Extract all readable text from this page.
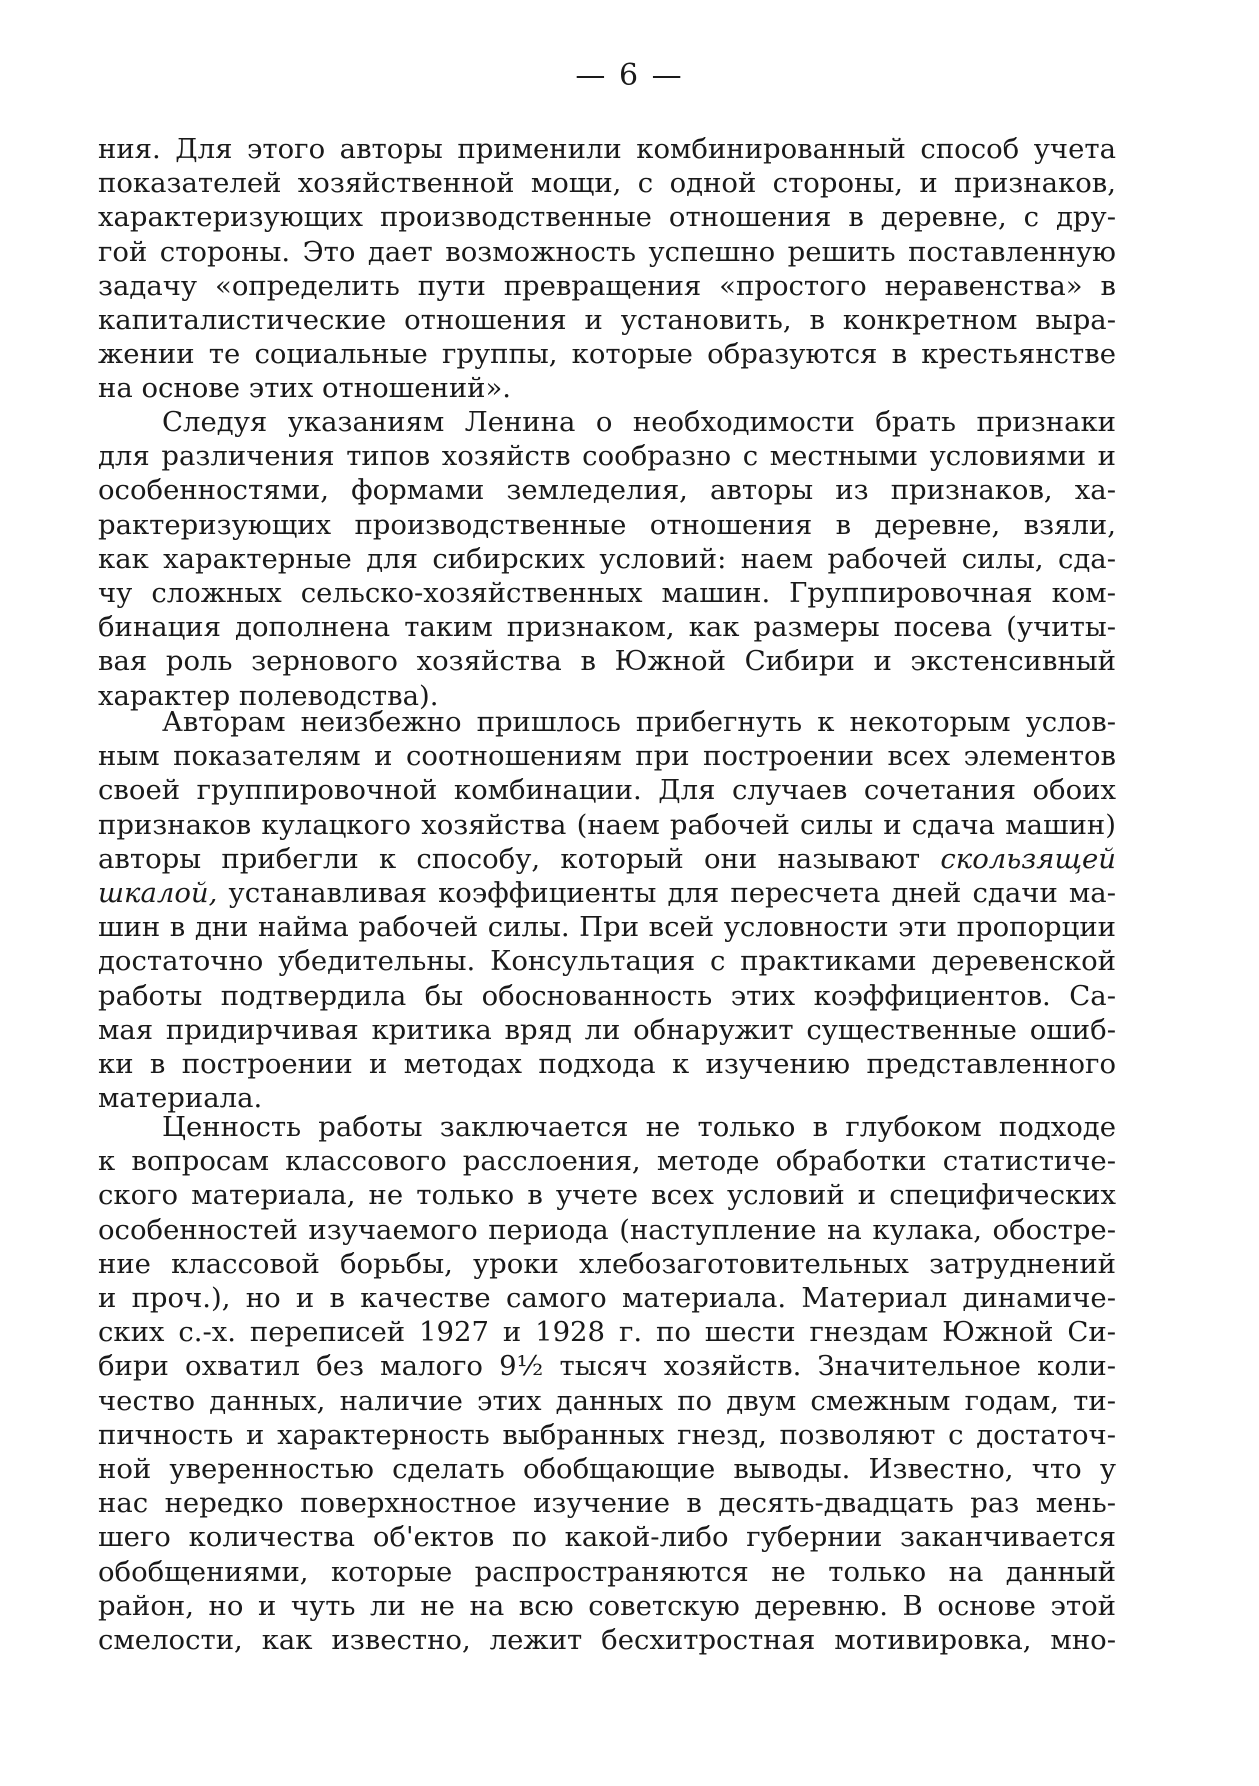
— 6 —
ния. Для этого авторы применили комбинированный способ учета
показателей хозяйственной мощи, с одной стороны, и признаков,
характеризующих производственные отношения в деревне, с дру-
гой стороны. Это дает возможность успешно решить поставленную
задачу «определить пути превращения «простого неравенства» в
капиталистические отношения и установить, в конкретном выра-
жении те социальные группы, которые образуются в крестьянстве
на основе этих отношений».
Следуя указаниям Ленина о необходимости брать признаки
для различения типов хозяйств сообразно с местными условиями и
особенностями, формами земледелия, авторы из признаков, ха-
рактеризующих производственные отношения в деревне, взяли,
как характерные для сибирских условий: наем рабочей силы, сда-
чу сложных сельско-хозяйственных машин. Группировочная ком-
бинация дополнена таким признаком, как размеры посева (учиты-
вая роль зернового хозяйства в Южной Сибири и экстенсивный
характер полеводства).
Авторам неизбежно пришлось прибегнуть к некоторым услов-
ным показателям и соотношениям при построении всех элементов
своей группировочной комбинации. Для случаев сочетания обоих
признаков кулацкого хозяйства (наем рабочей силы и сдача машин)
авторы прибегли к способу, который они называют скользящей
шкалой, устанавливая коэффициенты для пересчета дней сдачи ма-
шин в дни найма рабочей силы. При всей условности эти пропорции
достаточно убедительны. Консультация с практиками деревенской
работы подтвердила бы обоснованность этих коэффициентов. Са-
мая придирчивая критика вряд ли обнаружит существенные ошиб-
ки в построении и методах подхода к изучению представленного
материала.
Ценность работы заключается не только в глубоком подходе
к вопросам классового расслоения, методе обработки статистиче-
ского материала, не только в учете всех условий и специфических
особенностей изучаемого периода (наступление на кулака, обостре-
ние классовой борьбы, уроки хлебозаготовительных затруднений
и проч.), но и в качестве самого материала. Материал динамиче-
ских с.-х. переписей 1927 и 1928 г. по шести гнездам Южной Си-
бири охватил без малого 9½ тысяч хозяйств. Значительное коли-
чество данных, наличие этих данных по двум смежным годам, ти-
пичность и характерность выбранных гнезд, позволяют с достаточ-
ной уверенностью сделать обобщающие выводы. Известно, что у
нас нередко поверхностное изучение в десять-двадцать раз мень-
шего количества об'ектов по какой-либо губернии заканчивается
обобщениями, которые распространяются не только на данный
район, но и чуть ли не на всю советскую деревню. В основе этой
смелости, как известно, лежит бесхитростная мотивировка, мно-
